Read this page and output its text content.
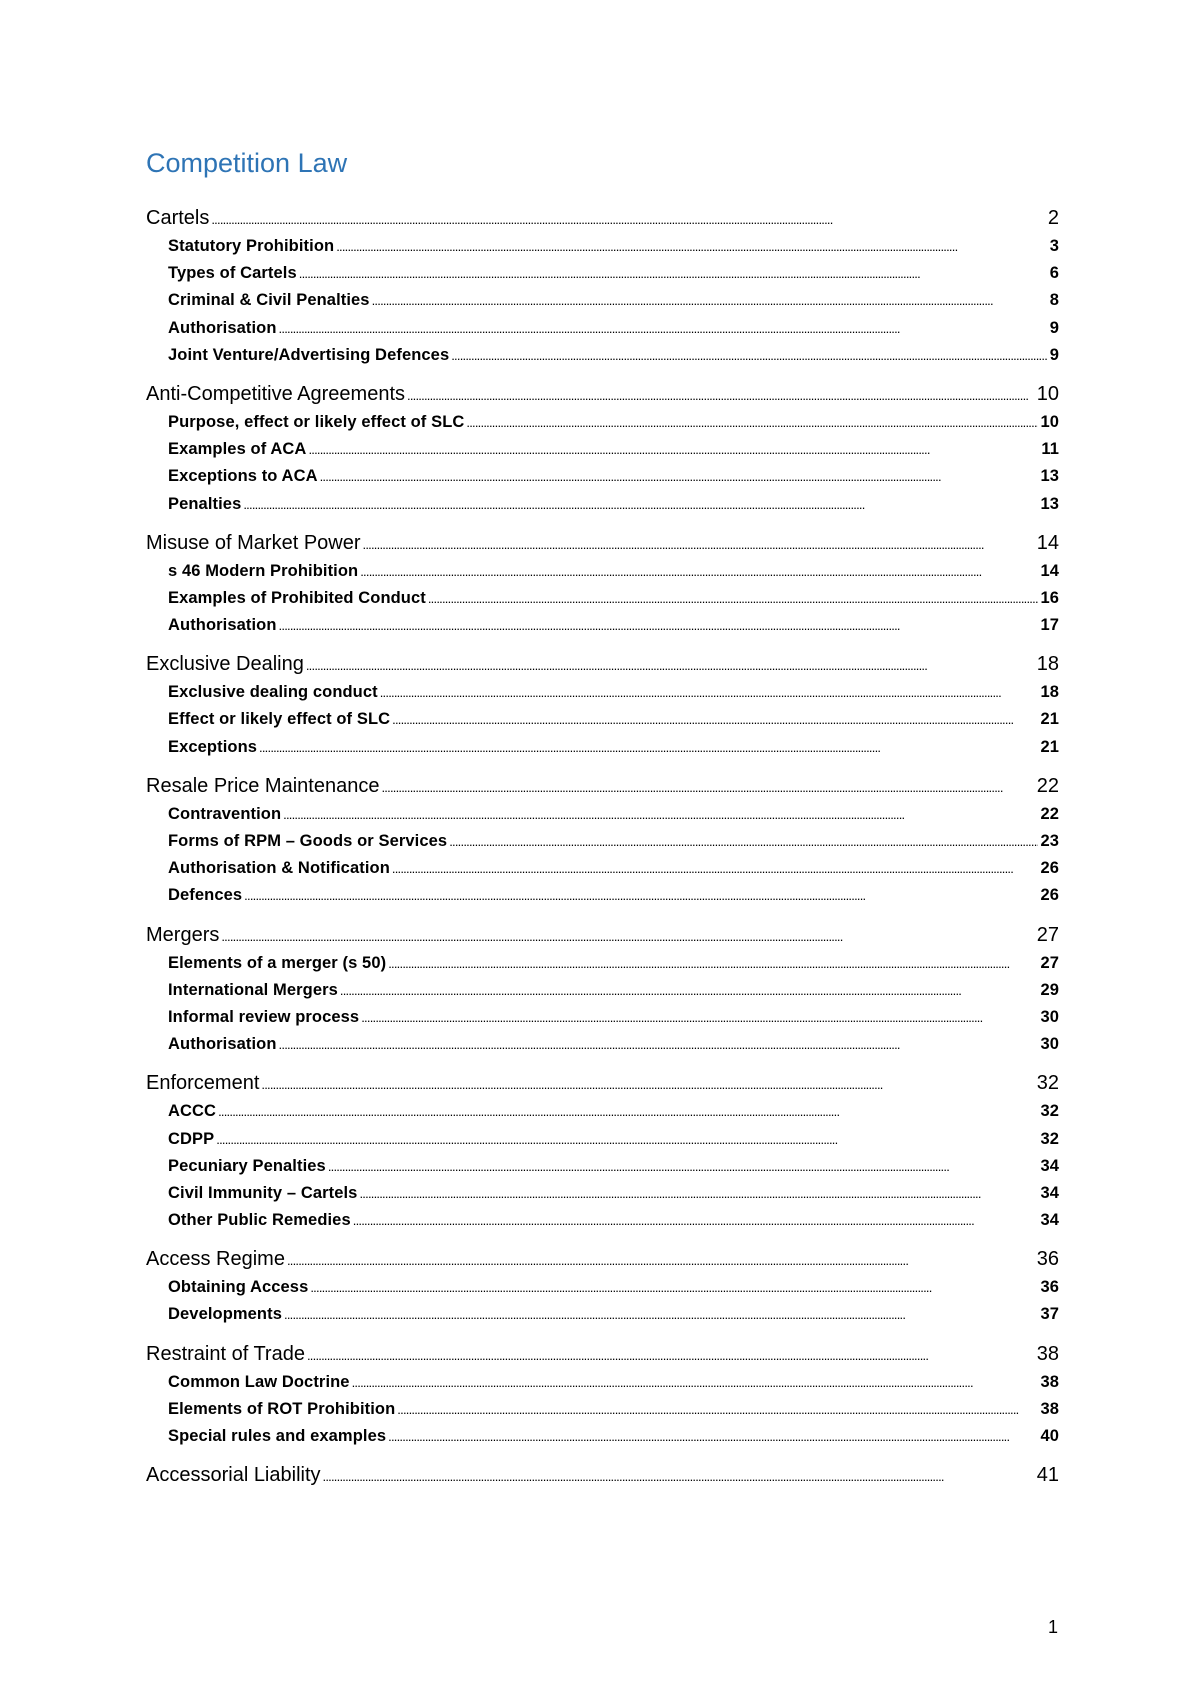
Competition Law
Cartels . . .	2
Statutory Prohibition . . .	3
Types of Cartels . . .	6
Criminal & Civil Penalties . . .	8
Authorisation . . .	9
Joint Venture/Advertising Defences . . .	9
Anti-Competitive Agreements . . .	10
Purpose, effect or likely effect of SLC . . .	10
Examples of ACA . . .	11
Exceptions to ACA . . .	13
Penalties . . .	13
Misuse of Market Power . . .	14
s 46 Modern Prohibition . . .	14
Examples of Prohibited Conduct . . .	16
Authorisation . . .	17
Exclusive Dealing . . .	18
Exclusive dealing conduct . . .	18
Effect or likely effect of SLC . . .	21
Exceptions . . .	21
Resale Price Maintenance . . .	22
Contravention . . .	22
Forms of RPM – Goods or Services . . .	23
Authorisation & Notification . . .	26
Defences . . .	26
Mergers . . .	27
Elements of a merger (s 50) . . .	27
International Mergers . . .	29
Informal review process . . .	30
Authorisation . . .	30
Enforcement . . .	32
ACCC . . .	32
CDPP . . .	32
Pecuniary Penalties . . .	34
Civil Immunity – Cartels . . .	34
Other Public Remedies . . .	34
Access Regime . . .	36
Obtaining Access . . .	36
Developments . . .	37
Restraint of Trade . . .	38
Common Law Doctrine . . .	38
Elements of ROT Prohibition . . .	38
Special rules and examples . . .	40
Accessorial Liability . . .	41
1
